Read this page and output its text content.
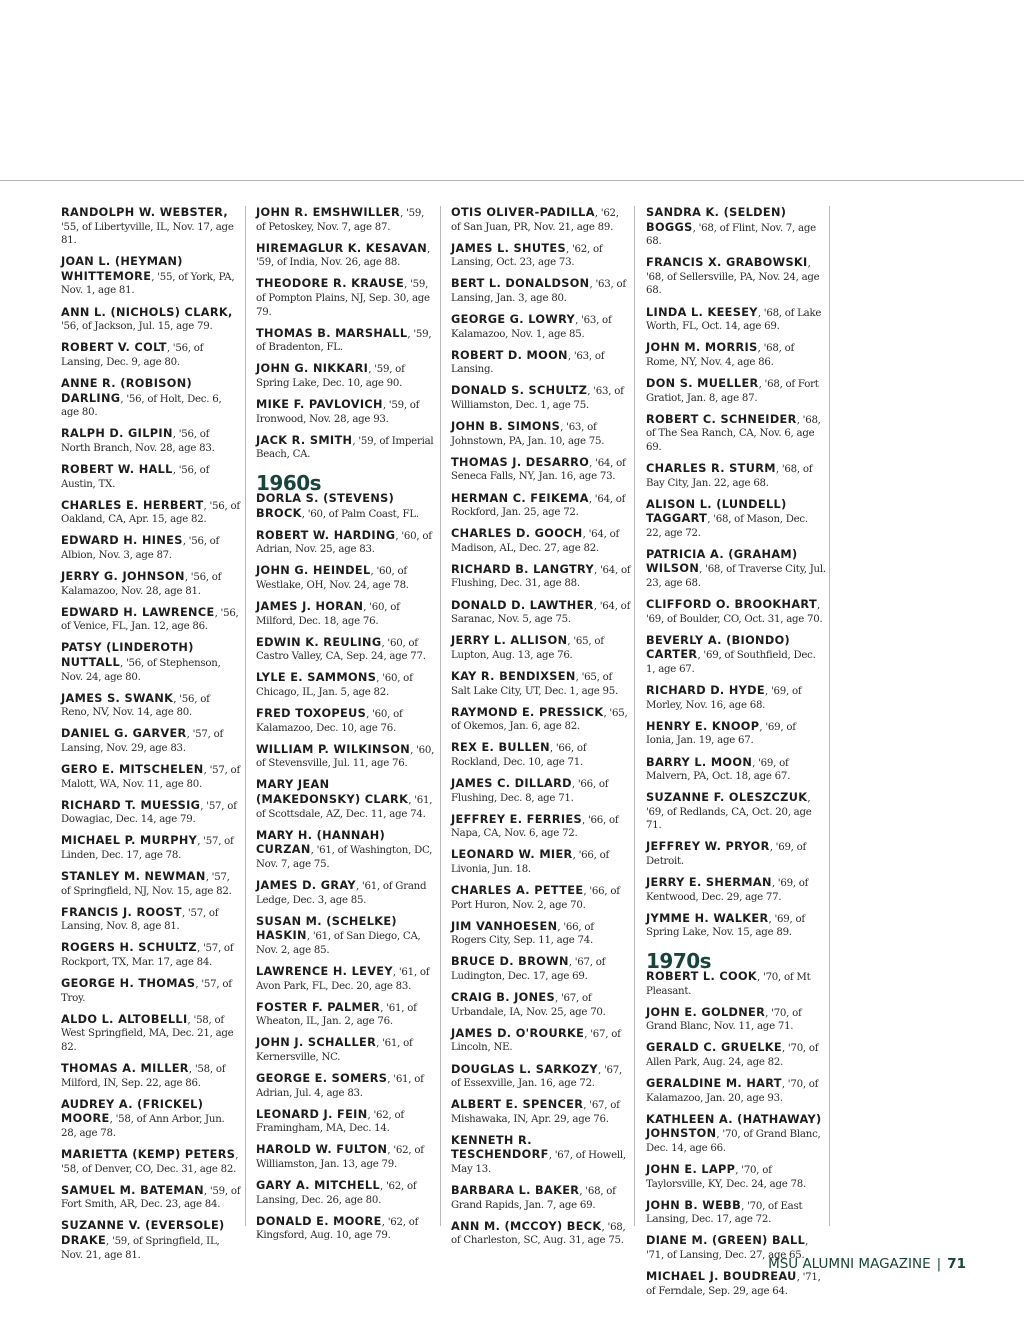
RANDOLPH W. WEBSTER, '55, of Libertyville, IL, Nov. 17, age 81.
JOAN L. (HEYMAN) WHITTEMORE, '55, of York, PA, Nov. 1, age 81.
ANN L. (NICHOLS) CLARK, '56, of Jackson, Jul. 15, age 79.
ROBERT V. COLT, '56, of Lansing, Dec. 9, age 80.
ANNE R. (ROBISON) DARLING, '56, of Holt, Dec. 6, age 80.
RALPH D. GILPIN, '56, of North Branch, Nov. 28, age 83.
ROBERT W. HALL, '56, of Austin, TX.
CHARLES E. HERBERT, '56, of Oakland, CA, Apr. 15, age 82.
EDWARD H. HINES, '56, of Albion, Nov. 3, age 87.
JERRY G. JOHNSON, '56, of Kalamazoo, Nov. 28, age 81.
EDWARD H. LAWRENCE, '56, of Venice, FL, Jan. 12, age 86.
PATSY (LINDEROTH) NUTTALL, '56, of Stephenson, Nov. 24, age 80.
JAMES S. SWANK, '56, of Reno, NV, Nov. 14, age 80.
DANIEL G. GARVER, '57, of Lansing, Nov. 29, age 83.
GERO E. MITSCHELEN, '57, of Malott, WA, Nov. 11, age 80.
RICHARD T. MUESSIG, '57, of Dowagiac, Dec. 14, age 79.
MICHAEL P. MURPHY, '57, of Linden, Dec. 17, age 78.
STANLEY M. NEWMAN, '57, of Springfield, NJ, Nov. 15, age 82.
FRANCIS J. ROOST, '57, of Lansing, Nov. 8, age 81.
ROGERS H. SCHULTZ, '57, of Rockport, TX, Mar. 17, age 84.
GEORGE H. THOMAS, '57, of Troy.
ALDO L. ALTOBELLI, '58, of West Springfield, MA, Dec. 21, age 82.
THOMAS A. MILLER, '58, of Milford, IN, Sep. 22, age 86.
AUDREY A. (FRICKEL) MOORE, '58, of Ann Arbor, Jun. 28, age 78.
MARIETTA (KEMP) PETERS, '58, of Denver, CO, Dec. 31, age 82.
SAMUEL M. BATEMAN, '59, of Fort Smith, AR, Dec. 23, age 84.
SUZANNE V. (EVERSOLE) DRAKE, '59, of Springfield, IL, Nov. 21, age 81.
JOHN R. EMSHWILLER, '59, of Petoskey, Nov. 7, age 87.
HIREMAGLUR K. KESAVAN, '59, of India, Nov. 26, age 88.
THEODORE R. KRAUSE, '59, of Pompton Plains, NJ, Sep. 30, age 79.
THOMAS B. MARSHALL, '59, of Bradenton, FL.
JOHN G. NIKKARI, '59, of Spring Lake, Dec. 10, age 90.
MIKE F. PAVLOVICH, '59, of Ironwood, Nov. 28, age 93.
JACK R. SMITH, '59, of Imperial Beach, CA.
1960s
DORLA S. (STEVENS) BROCK, '60, of Palm Coast, FL.
ROBERT W. HARDING, '60, of Adrian, Nov. 25, age 83.
JOHN G. HEINDEL, '60, of Westlake, OH, Nov. 24, age 78.
JAMES J. HORAN, '60, of Milford, Dec. 18, age 76.
EDWIN K. REULING, '60, of Castro Valley, CA, Sep. 24, age 77.
LYLE E. SAMMONS, '60, of Chicago, IL, Jan. 5, age 82.
FRED TOXOPEUS, '60, of Kalamazoo, Dec. 10, age 76.
WILLIAM P. WILKINSON, '60, of Stevensville, Jul. 11, age 76.
MARY JEAN (MAKEDONSKY) CLARK, '61, of Scottsdale, AZ, Dec. 11, age 74.
MARY H. (HANNAH) CURZAN, '61, of Washington, DC, Nov. 7, age 75.
JAMES D. GRAY, '61, of Grand Ledge, Dec. 3, age 85.
SUSAN M. (SCHELKE) HASKIN, '61, of San Diego, CA, Nov. 2, age 85.
LAWRENCE H. LEVEY, '61, of Avon Park, FL, Dec. 20, age 83.
FOSTER F. PALMER, '61, of Wheaton, IL, Jan. 2, age 76.
JOHN J. SCHALLER, '61, of Kernersville, NC.
GEORGE E. SOMERS, '61, of Adrian, Jul. 4, age 83.
LEONARD J. FEIN, '62, of Framingham, MA, Dec. 14.
HAROLD W. FULTON, '62, of Williamston, Jan. 13, age 79.
GARY A. MITCHELL, '62, of Lansing, Dec. 26, age 80.
DONALD E. MOORE, '62, of Kingsford, Aug. 10, age 79.
OTIS OLIVER-PADILLA, '62, of San Juan, PR, Nov. 21, age 89.
JAMES L. SHUTES, '62, of Lansing, Oct. 23, age 73.
BERT L. DONALDSON, '63, of Lansing, Jan. 3, age 80.
GEORGE G. LOWRY, '63, of Kalamazoo, Nov. 1, age 85.
ROBERT D. MOON, '63, of Lansing.
DONALD S. SCHULTZ, '63, of Williamston, Dec. 1, age 75.
JOHN B. SIMONS, '63, of Johnstown, PA, Jan. 10, age 75.
THOMAS J. DESARRO, '64, of Seneca Falls, NY, Jan. 16, age 73.
HERMAN C. FEIKEMA, '64, of Rockford, Jan. 25, age 72.
CHARLES D. GOOCH, '64, of Madison, AL, Dec. 27, age 82.
RICHARD B. LANGTRY, '64, of Flushing, Dec. 31, age 88.
DONALD D. LAWTHER, '64, of Saranac, Nov. 5, age 75.
JERRY L. ALLISON, '65, of Lupton, Aug. 13, age 76.
KAY R. BENDIXSEN, '65, of Salt Lake City, UT, Dec. 1, age 95.
RAYMOND E. PRESSICK, '65, of Okemos, Jan. 6, age 82.
REX E. BULLEN, '66, of Rockland, Dec. 10, age 71.
JAMES C. DILLARD, '66, of Flushing, Dec. 8, age 71.
JEFFREY E. FERRIES, '66, of Napa, CA, Nov. 6, age 72.
LEONARD W. MIER, '66, of Livonia, Jun. 18.
CHARLES A. PETTEE, '66, of Port Huron, Nov. 2, age 70.
JIM VANHOESEN, '66, of Rogers City, Sep. 11, age 74.
BRUCE D. BROWN, '67, of Ludington, Dec. 17, age 69.
CRAIG B. JONES, '67, of Urbandale, IA, Nov. 25, age 70.
JAMES D. O'ROURKE, '67, of Lincoln, NE.
DOUGLAS L. SARKOZY, '67, of Essexville, Jan. 16, age 72.
ALBERT E. SPENCER, '67, of Mishawaka, IN, Apr. 29, age 76.
KENNETH R. TESCHENDORF, '67, of Howell, May 13.
BARBARA L. BAKER, '68, of Grand Rapids, Jan. 7, age 69.
ANN M. (MCCOY) BECK, '68, of Charleston, SC, Aug. 31, age 75.
SANDRA K. (SELDEN) BOGGS, '68, of Flint, Nov. 7, age 68.
FRANCIS X. GRABOWSKI, '68, of Sellersville, PA, Nov. 24, age 68.
LINDA L. KEESEY, '68, of Lake Worth, FL, Oct. 14, age 69.
JOHN M. MORRIS, '68, of Rome, NY, Nov. 4, age 86.
DON S. MUELLER, '68, of Fort Gratiot, Jan. 8, age 87.
ROBERT C. SCHNEIDER, '68, of The Sea Ranch, CA, Nov. 6, age 69.
CHARLES R. STURM, '68, of Bay City, Jan. 22, age 68.
ALISON L. (LUNDELL) TAGGART, '68, of Mason, Dec. 22, age 72.
PATRICIA A. (GRAHAM) WILSON, '68, of Traverse City, Jul. 23, age 68.
CLIFFORD O. BROOKHART, '69, of Boulder, CO, Oct. 31, age 70.
BEVERLY A. (BIONDO) CARTER, '69, of Southfield, Dec. 1, age 67.
RICHARD D. HYDE, '69, of Morley, Nov. 16, age 68.
HENRY E. KNOOP, '69, of Ionia, Jan. 19, age 67.
BARRY L. MOON, '69, of Malvern, PA, Oct. 18, age 67.
SUZANNE F. OLESZCZUK, '69, of Redlands, CA, Oct. 20, age 71.
JEFFREY W. PRYOR, '69, of Detroit.
JERRY E. SHERMAN, '69, of Kentwood, Dec. 29, age 77.
JYMME H. WALKER, '69, of Spring Lake, Nov. 15, age 89.
1970s
ROBERT L. COOK, '70, of Mt Pleasant.
JOHN E. GOLDNER, '70, of Grand Blanc, Nov. 11, age 71.
GERALD C. GRUELKE, '70, of Allen Park, Aug. 24, age 82.
GERALDINE M. HART, '70, of Kalamazoo, Jan. 20, age 93.
KATHLEEN A. (HATHAWAY) JOHNSTON, '70, of Grand Blanc, Dec. 14, age 66.
JOHN E. LAPP, '70, of Taylorsville, KY, Dec. 24, age 78.
JOHN B. WEBB, '70, of East Lansing, Dec. 17, age 72.
DIANE M. (GREEN) BALL, '71, of Lansing, Dec. 27, age 65.
MICHAEL J. BOUDREAU, '71, of Ferndale, Sep. 29, age 64.
MSU ALUMNI MAGAZINE | 71
